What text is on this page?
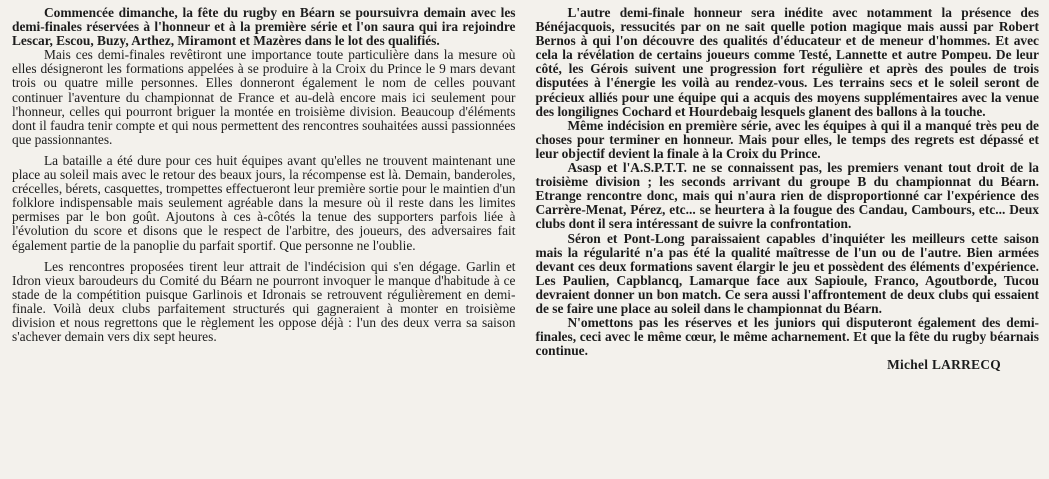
Commencée dimanche, la fête du rugby en Béarn se poursuivra demain avec les demi-finales réservées à l'honneur et à la première série et l'on saura qui ira rejoindre Lescar, Escou, Buzy, Arthez, Miramont et Mazères dans le lot des qualifiés.

Mais ces demi-finales revêtiront une importance toute particulière dans la mesure où elles désigneront les formations appelées à se produire à la Croix du Prince le 9 mars devant trois ou quatre mille personnes. Elles donneront également le nom de celles pouvant continuer l'aventure du championnat de France et au-delà encore mais ici seulement pour l'honneur, celles qui pourront briguer la montée en troisième division. Beaucoup d'éléments dont il faudra tenir compte et qui nous permettent des rencontres souhaitées aussi passionnées que passionnantes.

La bataille a été dure pour ces huit équipes avant qu'elles ne trouvent maintenant une place au soleil mais avec le retour des beaux jours, la récompense est là. Demain, banderoles, crécelles, bérets, casquettes, trompettes effectueront leur première sortie pour le maintien d'un folklore indispensable mais seulement agréable dans la mesure où il reste dans les limites permises par le bon goût. Ajoutons à ces à-côtés la tenue des supporters parfois liée à l'évolution du score et disons que le respect de l'arbitre, des joueurs, des adversaires fait également partie de la panoplie du parfait sportif. Que personne ne l'oublie.

Les rencontres proposées tirent leur attrait de l'indécision qui s'en dégage. Garlin et Idron vieux baroudeurs du Comité du Béarn ne pourront invoquer le manque d'habitude à ce stade de la compétition puisque Garlinois et Idronais se retrouvent régulièrement en demi-finale. Voilà deux clubs parfaitement structurés qui gagneraient à monter en troisième division et nous regrettons que le règlement les oppose déjà : l'un des deux verra sa saison s'achever demain vers dix sept heures.

L'autre demi-finale honneur sera inédite avec notamment la présence des Bénéjacquois, ressucités par on ne sait quelle potion magique mais aussi par Robert Bernos à qui l'on découvre des qualités d'éducateur et de meneur d'hommes. Et avec cela la révélation de certains joueurs comme Testé, Lannette et autre Pompeu. De leur côté, les Gérois suivent une progression fort régulière et après des poules de trois disputées à l'énergie les voilà au rendez-vous. Les terrains secs et le soleil seront de précieux alliés pour une équipe qui a acquis des moyens supplémentaires avec la venue des longilignes Cochard et Hourdebaig lesquels glanent des ballons à la touche.

Même indécision en première série, avec les équipes à qui il a manqué très peu de choses pour terminer en honneur. Mais pour elles, le temps des regrets est dépassé et leur objectif devient la finale à la Croix du Prince.

Asasp et l'A.S.P.T.T. ne se connaissent pas, les premiers venant tout droit de la troisième division ; les seconds arrivant du groupe B du championnat du Béarn. Etrange rencontre donc, mais qui n'aura rien de disproportionné car l'expérience des Carrère-Menat, Pérez, etc... se heurtera à la fougue des Candau, Cambours, etc... Deux clubs dont il sera intéressant de suivre la confrontation.

Séron et Pont-Long paraissaient capables d'inquiéter les meilleurs cette saison mais la régularité n'a pas été la qualité maîtresse de l'un ou de l'autre. Bien armées devant ces deux formations savent élargir le jeu et possèdent des éléments d'expérience. Les Paulien, Capblancq, Lamarque face aux Sapioule, Franco, Agoutborde, Tucou devraient donner un bon match. Ce sera aussi l'affrontement de deux clubs qui essaient de se faire une place au soleil dans le championnat du Béarn.

N'omettons pas les réserves et les juniors qui disputeront également des demi-finales, ceci avec le même cœur, le même acharnement. Et que la fête du rugby béarnais continue.

Michel LARRECQ
